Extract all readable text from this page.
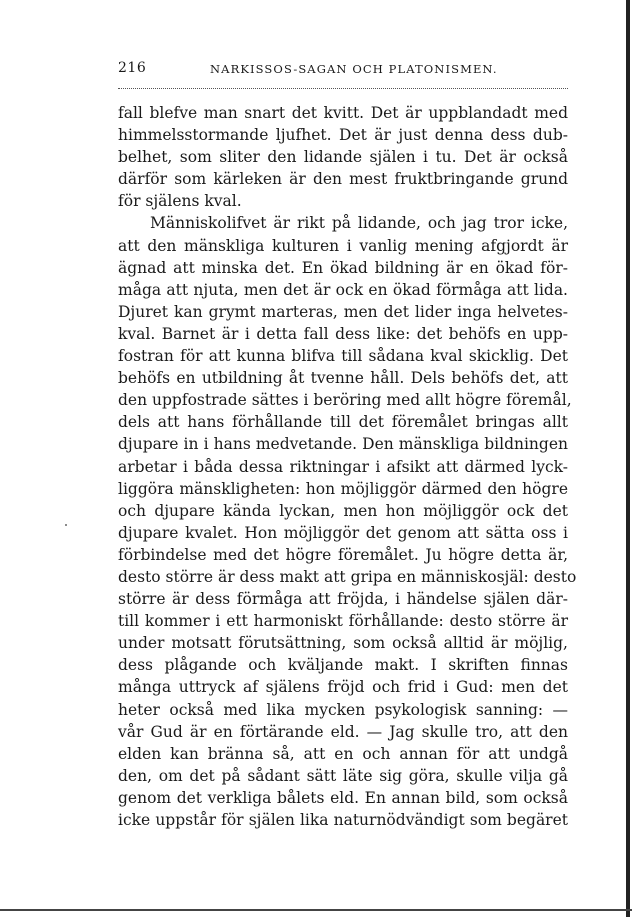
216	NARKISSOS-SAGAN OCH PLATONISMEN.
fall blefve man snart det kvitt. Det är uppblandadt med
himmelsstormande ljufhet. Det är just denna dess dub-
belhet, som sliter den lidande själen i tu. Det är också
därför som kärleken är den mest fruktbringande grund
för själens kval.
Människolifvet är rikt på lidande, och jag tror icke,
att den mänskliga kulturen i vanlig mening afgjordt är
ägnad att minska det. En ökad bildning är en ökad för-
måga att njuta, men det är ock en ökad förmåga att lida.
Djuret kan grymt marteras, men det lider inga helvetes-
kval. Barnet är i detta fall dess like: det behöfs en upp-
fostran för att kunna blifva till sådana kval skicklig. Det
behöfs en utbildning åt tvenne håll. Dels behöfs det, att
den uppfostrade sättes i beröring med allt högre föremål,
dels att hans förhållande till det föremålet bringas allt
djupare in i hans medvetande. Den mänskliga bildningen
arbetar i båda dessa riktningar i afsikt att därmed lyck-
liggöra mänskligheten: hon möjliggör därmed den högre
och djupare kända lyckan, men hon möjliggör ock det
djupare kvalet. Hon möjliggör det genom att sätta oss i
förbindelse med det högre föremålet. Ju högre detta är,
desto större är dess makt att gripa en människosjäl: desto
större är dess förmåga att fröjda, i händelse själen där-
till kommer i ett harmoniskt förhållande: desto större är
under motsatt förutsättning, som också alltid är möjlig,
dess plågande och kväljande makt. I skriften finnas
många uttryck af själens fröjd och frid i Gud: men det
heter också med lika mycken psykologisk sanning: —
vår Gud är en förtärande eld. — Jag skulle tro, att den
elden kan bränna så, att en och annan för att undgå
den, om det på sådant sätt läte sig göra, skulle vilja gå
genom det verkliga bålets eld. En annan bild, som också
icke uppstår för själen lika naturnödvändigt som begäret
